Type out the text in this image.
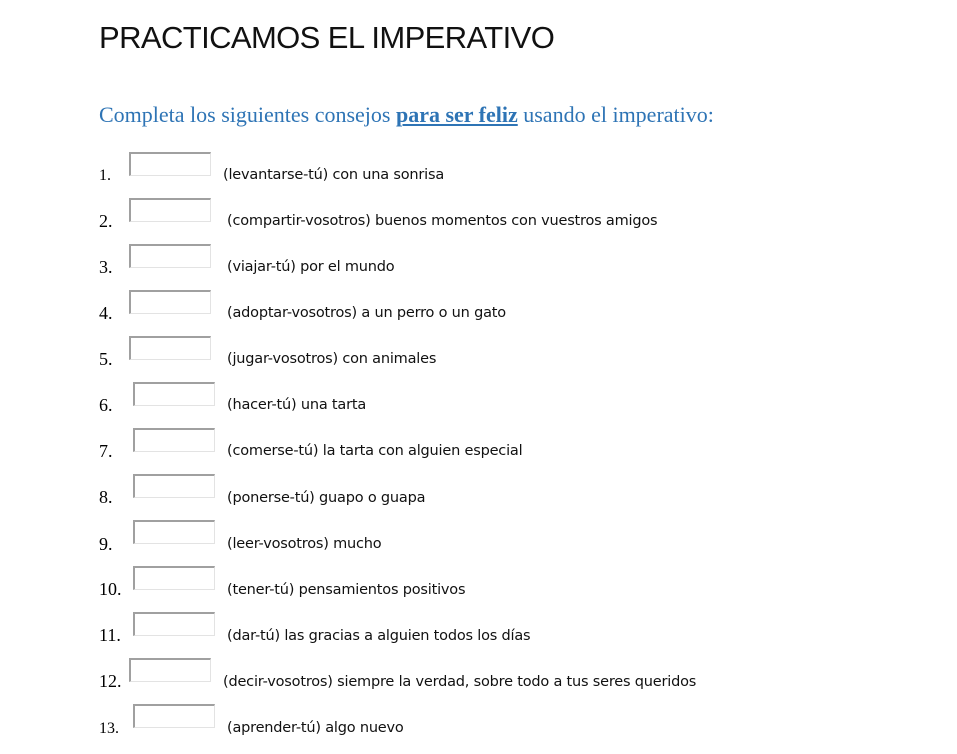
PRACTICAMOS EL IMPERATIVO
Completa los siguientes consejos para ser feliz usando el imperativo:
1.	(levantarse-tú) con una sonrisa
2.	(compartir-vosotros) buenos momentos con vuestros amigos
3.	(viajar-tú) por el mundo
4.	(adoptar-vosotros) a un perro o un gato
5.	(jugar-vosotros) con animales
6.	(hacer-tú) una tarta
7.	(comerse-tú) la tarta con alguien especial
8.	(ponerse-tú) guapo o guapa
9.	(leer-vosotros) mucho
10.	(tener-tú) pensamientos positivos
11.	(dar-tú) las gracias a alguien todos los días
12.	(decir-vosotros) siempre la verdad, sobre todo a tus seres queridos
13.	(aprender-tú) algo nuevo
